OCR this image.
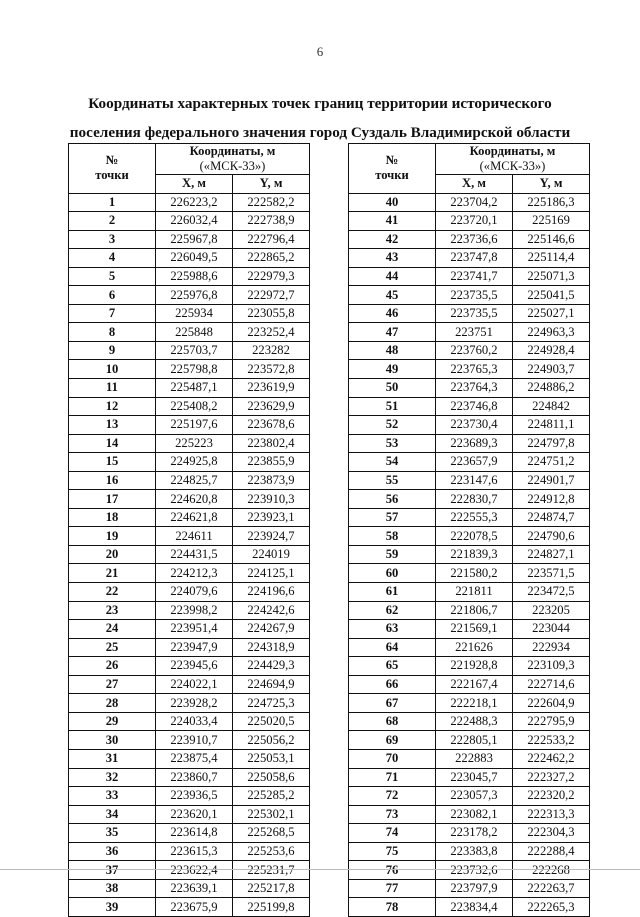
6
Координаты характерных точек границ территории исторического
поселения федерального значения город Суздаль Владимирской области
№
точки	Координаты, м
(«МСК-33»)	

	X, м	Y, м
1	226223,2	222582,2
2	226032,4	222738,9
3	225967,8	222796,4
4	226049,5	222865,2
5	225988,6	222979,3
6	225976,8	222972,7
7	225934	223055,8
8	225848	223252,4
9	225703,7	223282
10	225798,8	223572,8
11	225487,1	223619,9
12	225408,2	223629,9
13	225197,6	223678,6
14	225223	223802,4
15	224925,8	223855,9
16	224825,7	223873,9
17	224620,8	223910,3
18	224621,8	223923,1
19	224611	223924,7
20	224431,5	224019
21	224212,3	224125,1
22	224079,6	224196,6
23	223998,2	224242,6
24	223951,4	224267,9
25	223947,9	224318,9
26	223945,6	224429,3
27	224022,1	224694,9
28	223928,2	224725,3
29	224033,4	225020,5
30	223910,7	225056,2
31	223875,4	225053,1
32	223860,7	225058,6
33	223936,5	225285,2
34	223620,1	225302,1
35	223614,8	225268,5
36	223615,3	225253,6
37	223622,4	225231,7
38	223639,1	225217,8
39	223675,9	225199,8
№
точки	Координаты, м
(«МСК-33»)	

	X, м	Y, м
40	223704,2	225186,3
41	223720,1	225169
42	223736,6	225146,6
43	223747,8	225114,4
44	223741,7	225071,3
45	223735,5	225041,5
46	223735,5	225027,1
47	223751	224963,3
48	223760,2	224928,4
49	223765,3	224903,7
50	223764,3	224886,2
51	223746,8	224842
52	223730,4	224811,1
53	223689,3	224797,8
54	223657,9	224751,2
55	223147,6	224901,7
56	222830,7	224912,8
57	222555,3	224874,7
58	222078,5	224790,6
59	221839,3	224827,1
60	221580,2	223571,5
61	221811	223472,5
62	221806,7	223205
63	221569,1	223044
64	221626	222934
65	221928,8	223109,3
66	222167,4	222714,6
67	222218,1	222604,9
68	222488,3	222795,9
69	222805,1	222533,2
70	222883	222462,2
71	223045,7	222327,2
72	223057,3	222320,2
73	223082,1	222313,3
74	223178,2	222304,3
75	223383,8	222288,4
76	223732,6	222268
77	223797,9	222263,7
78	223834,4	222265,3
